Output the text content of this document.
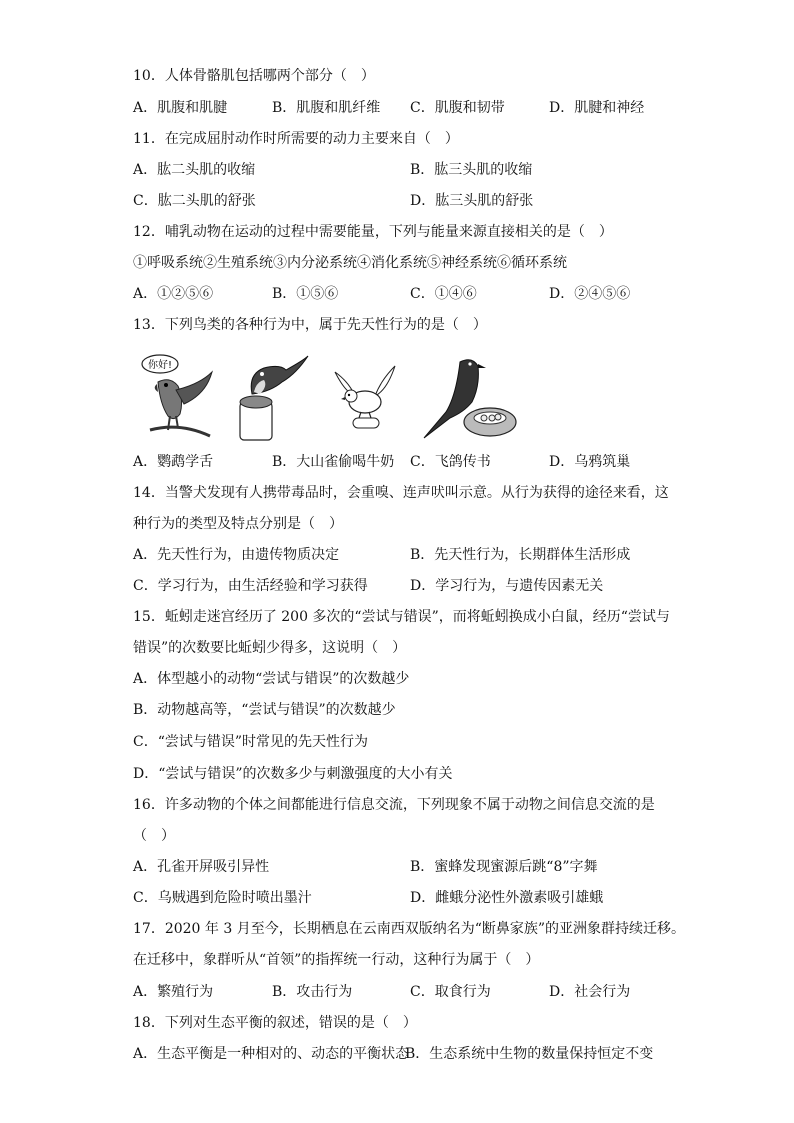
10．人体骨骼肌包括哪两个部分（　）
A．肌腹和肌腱	B．肌腹和肌纤维 C．肌腹和韧带	D．肌腱和神经
11．在完成屈肘动作时所需要的动力主要来自（　）
A．肱二头肌的收缩	B．肱三头肌的收缩
C．肱二头肌的舒张	D．肱三头肌的舒张
12．哺乳动物在运动的过程中需要能量，下列与能量来源直接相关的是（　）
①呼吸系统②生殖系统③内分泌系统④消化系统⑤神经系统⑥循环系统
A．①②⑤⑥	B．①⑤⑥	C．①④⑥	D．②④⑤⑥
13．下列鸟类的各种行为中，属于先天性行为的是（　）
你好!
A．鹦鹉学舌	B．大山雀偷喝牛奶 C．飞鸽传书	D．乌鸦筑巢
14．当警犬发现有人携带毒品时，会重嗅、连声吠叫示意。从行为获得的途径来看，这
种行为的类型及特点分别是（　）
A．先天性行为，由遗传物质决定	B．先天性行为，长期群体生活形成
C．学习行为，由生活经验和学习获得	D．学习行为，与遗传因素无关
15．蚯蚓走迷宫经历了 200 多次的“尝试与错误”，而将蚯蚓换成小白鼠，经历“尝试与
错误”的次数要比蚯蚓少得多，这说明（　）
A．体型越小的动物“尝试与错误”的次数越少
B．动物越高等，“尝试与错误”的次数越少
C．“尝试与错误”时常见的先天性行为
D．“尝试与错误”的次数多少与刺激强度的大小有关
16．许多动物的个体之间都能进行信息交流，下列现象不属于动物之间信息交流的是
（　）
A．孔雀开屏吸引异性	B．蜜蜂发现蜜源后跳“8”字舞
C．乌贼遇到危险时喷出墨汁	D．雌蛾分泌性外激素吸引雄蛾
17．2020 年 3 月至今，长期栖息在云南西双版纳名为“断鼻家族”的亚洲象群持续迁移。
在迁移中，象群听从“首领”的指挥统一行动，这种行为属于（　）
A．繁殖行为	B．攻击行为	C．取食行为	D．社会行为
18．下列对生态平衡的叙述，错误的是（　）
A．生态平衡是一种相对的、动态的平衡状态
B．生态系统中生物的数量保持恒定不变
